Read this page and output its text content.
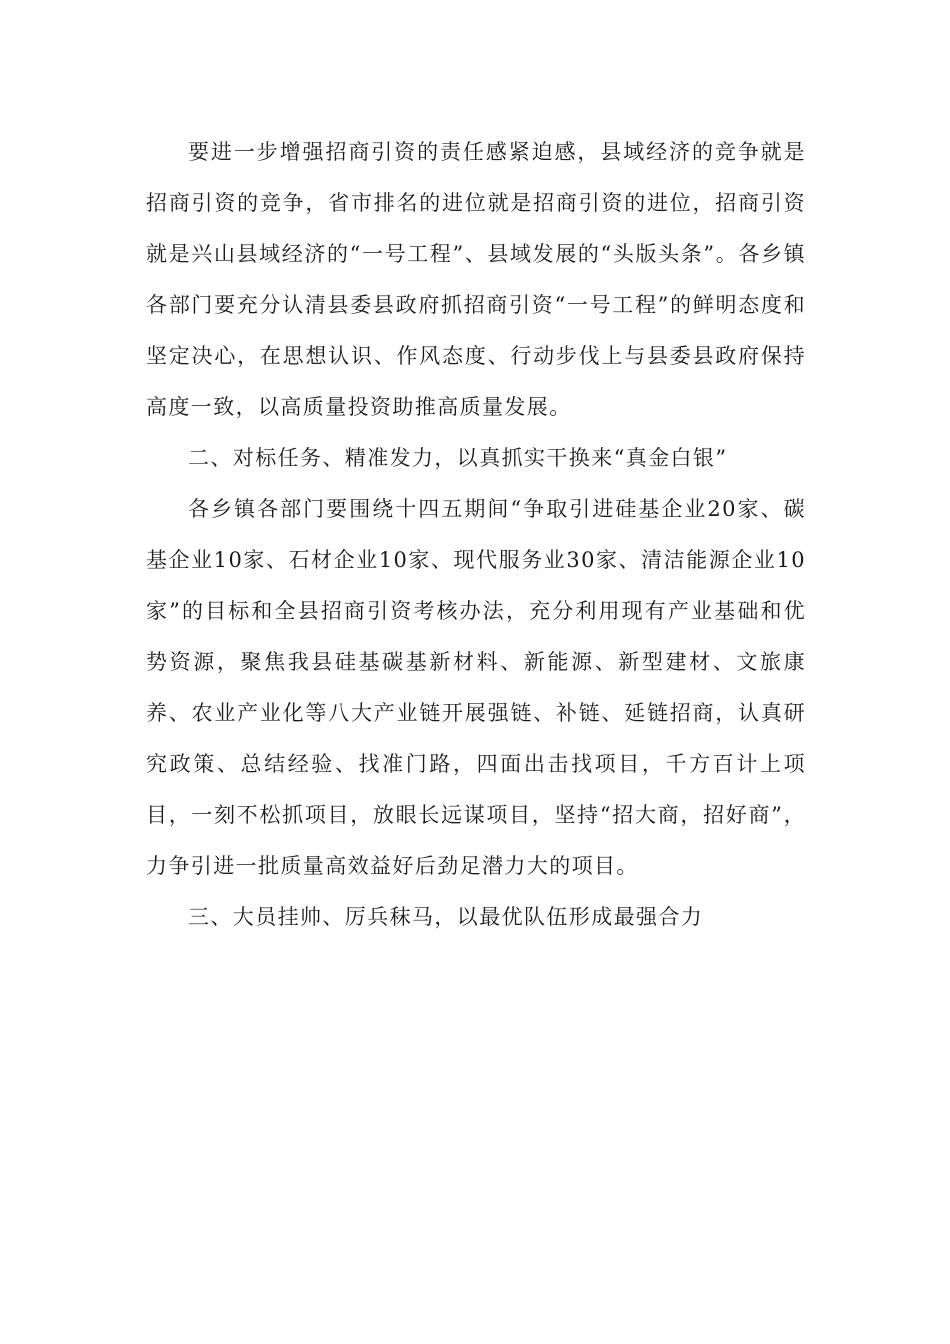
要进一步增强招商引资的责任感紧迫感，县域经济的竞争就是招商引资的竞争，省市排名的进位就是招商引资的进位，招商引资就是兴山县域经济的“一号工程”、县域发展的“头版头条”。各乡镇各部门要充分认清县委县政府抓招商引资“一号工程”的鲜明态度和坚定决心，在思想认识、作风态度、行动步伐上与县委县政府保持高度一致，以高质量投资助推高质量发展。

二、对标任务、精准发力，以真抓实干换来“真金白银”

各乡镇各部门要围绕十四五期间“争取引进硅基企业20家、碳基企业10家、石材企业10家、现代服务业30家、清洁能源企业10家”的目标和全县招商引资考核办法，充分利用现有产业基础和优势资源，聚焦我县硅基碳基新材料、新能源、新型建材、文旅康养、农业产业化等八大产业链开展强链、补链、延链招商，认真研究政策、总结经验、找准门路，四面出击找项目，千方百计上项目，一刻不松抓项目，放眼长远谋项目，坚持“招大商，招好商”，力争引进一批质量高效益好后劲足潜力大的项目。

三、大员挂帅、厉兵秣马，以最优队伍形成最强合力
